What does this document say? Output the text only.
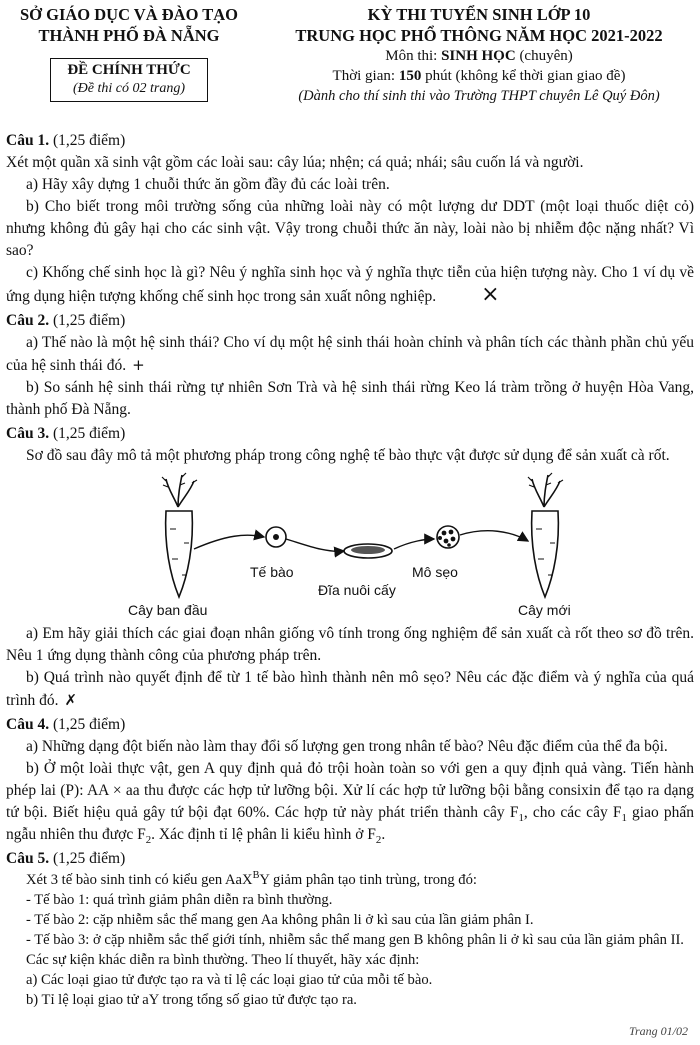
SỞ GIÁO DỤC VÀ ĐÀO TẠO
THÀNH PHỐ ĐÀ NẴNG
ĐỀ CHÍNH THỨC
(Đề thi có 02 trang)
KỲ THI TUYỂN SINH LỚP 10
TRUNG HỌC PHỔ THÔNG NĂM HỌC 2021-2022
Môn thi: SINH HỌC (chuyên)
Thời gian: 150 phút (không kể thời gian giao đề)
(Dành cho thí sinh thi vào Trường THPT chuyên Lê Quý Đôn)
Câu 1. (1,25 điểm)
Xét một quần xã sinh vật gồm các loài sau: cây lúa; nhện; cá quả; nhái; sâu cuốn lá và người.
a) Hãy xây dựng 1 chuỗi thức ăn gồm đầy đủ các loài trên.
b) Cho biết trong môi trường sống của những loài này có một lượng dư DDT (một loại thuốc diệt cỏ) nhưng không đủ gây hại cho các sinh vật. Vậy trong chuỗi thức ăn này, loài nào bị nhiễm độc nặng nhất? Vì sao?
c) Khống chế sinh học là gì? Nêu ý nghĩa sinh học và ý nghĩa thực tiễn của hiện tượng này. Cho 1 ví dụ về ứng dụng hiện tượng khống chế sinh học trong sản xuất nông nghiệp. ×
Câu 2. (1,25 điểm)
a) Thế nào là một hệ sinh thái? Cho ví dụ một hệ sinh thái hoàn chỉnh và phân tích các thành phần chủ yếu của hệ sinh thái đó. +
b) So sánh hệ sinh thái rừng tự nhiên Sơn Trà và hệ sinh thái rừng Keo lá tràm trồng ở huyện Hòa Vang, thành phố Đà Nẵng.
Câu 3. (1,25 điểm)
Sơ đồ sau đây mô tả một phương pháp trong công nghệ tế bào thực vật được sử dụng để sản xuất cà rốt.
Cây ban đầu
Tế bào
Đĩa nuôi cấy
Mô sẹo
Cây mới
a) Em hãy giải thích các giai đoạn nhân giống vô tính trong ống nghiệm để sản xuất cà rốt theo sơ đồ trên. Nêu 1 ứng dụng thành công của phương pháp trên.
b) Quá trình nào quyết định để từ 1 tế bào hình thành nên mô sẹo? Nêu các đặc điểm và ý nghĩa của quá trình đó. ✗
Câu 4. (1,25 điểm)
a) Những dạng đột biến nào làm thay đổi số lượng gen trong nhân tế bào? Nêu đặc điểm của thể đa bội.
b) Ở một loài thực vật, gen A quy định quả đỏ trội hoàn toàn so với gen a quy định quả vàng. Tiến hành phép lai (P): AA × aa thu được các hợp tử lưỡng bội. Xử lí các hợp tử lưỡng bội bằng consixin để tạo ra dạng tứ bội. Biết hiệu quả gây tứ bội đạt 60%. Các hợp tử này phát triển thành cây $F_1$, cho các cây $F_1$ giao phấn ngẫu nhiên thu được $F_2$. Xác định tỉ lệ phân li kiểu hình ở $F_2$.
Câu 5. (1,25 điểm)
Xét 3 tế bào sinh tinh có kiểu gen AaX$^B$Y giảm phân tạo tinh trùng, trong đó:
- Tế bào 1: quá trình giảm phân diễn ra bình thường.
- Tế bào 2: cặp nhiễm sắc thể mang gen Aa không phân li ở kì sau của lần giảm phân I.
- Tế bào 3: ở cặp nhiễm sắc thể giới tính, nhiễm sắc thể mang gen B không phân li ở kì sau của lần giảm phân II.
Các sự kiện khác diễn ra bình thường. Theo lí thuyết, hãy xác định:
a) Các loại giao tử được tạo ra và tỉ lệ các loại giao tử của mỗi tế bào.
b) Tỉ lệ loại giao tử aY trong tổng số giao tử được tạo ra.
Trang 01/02
